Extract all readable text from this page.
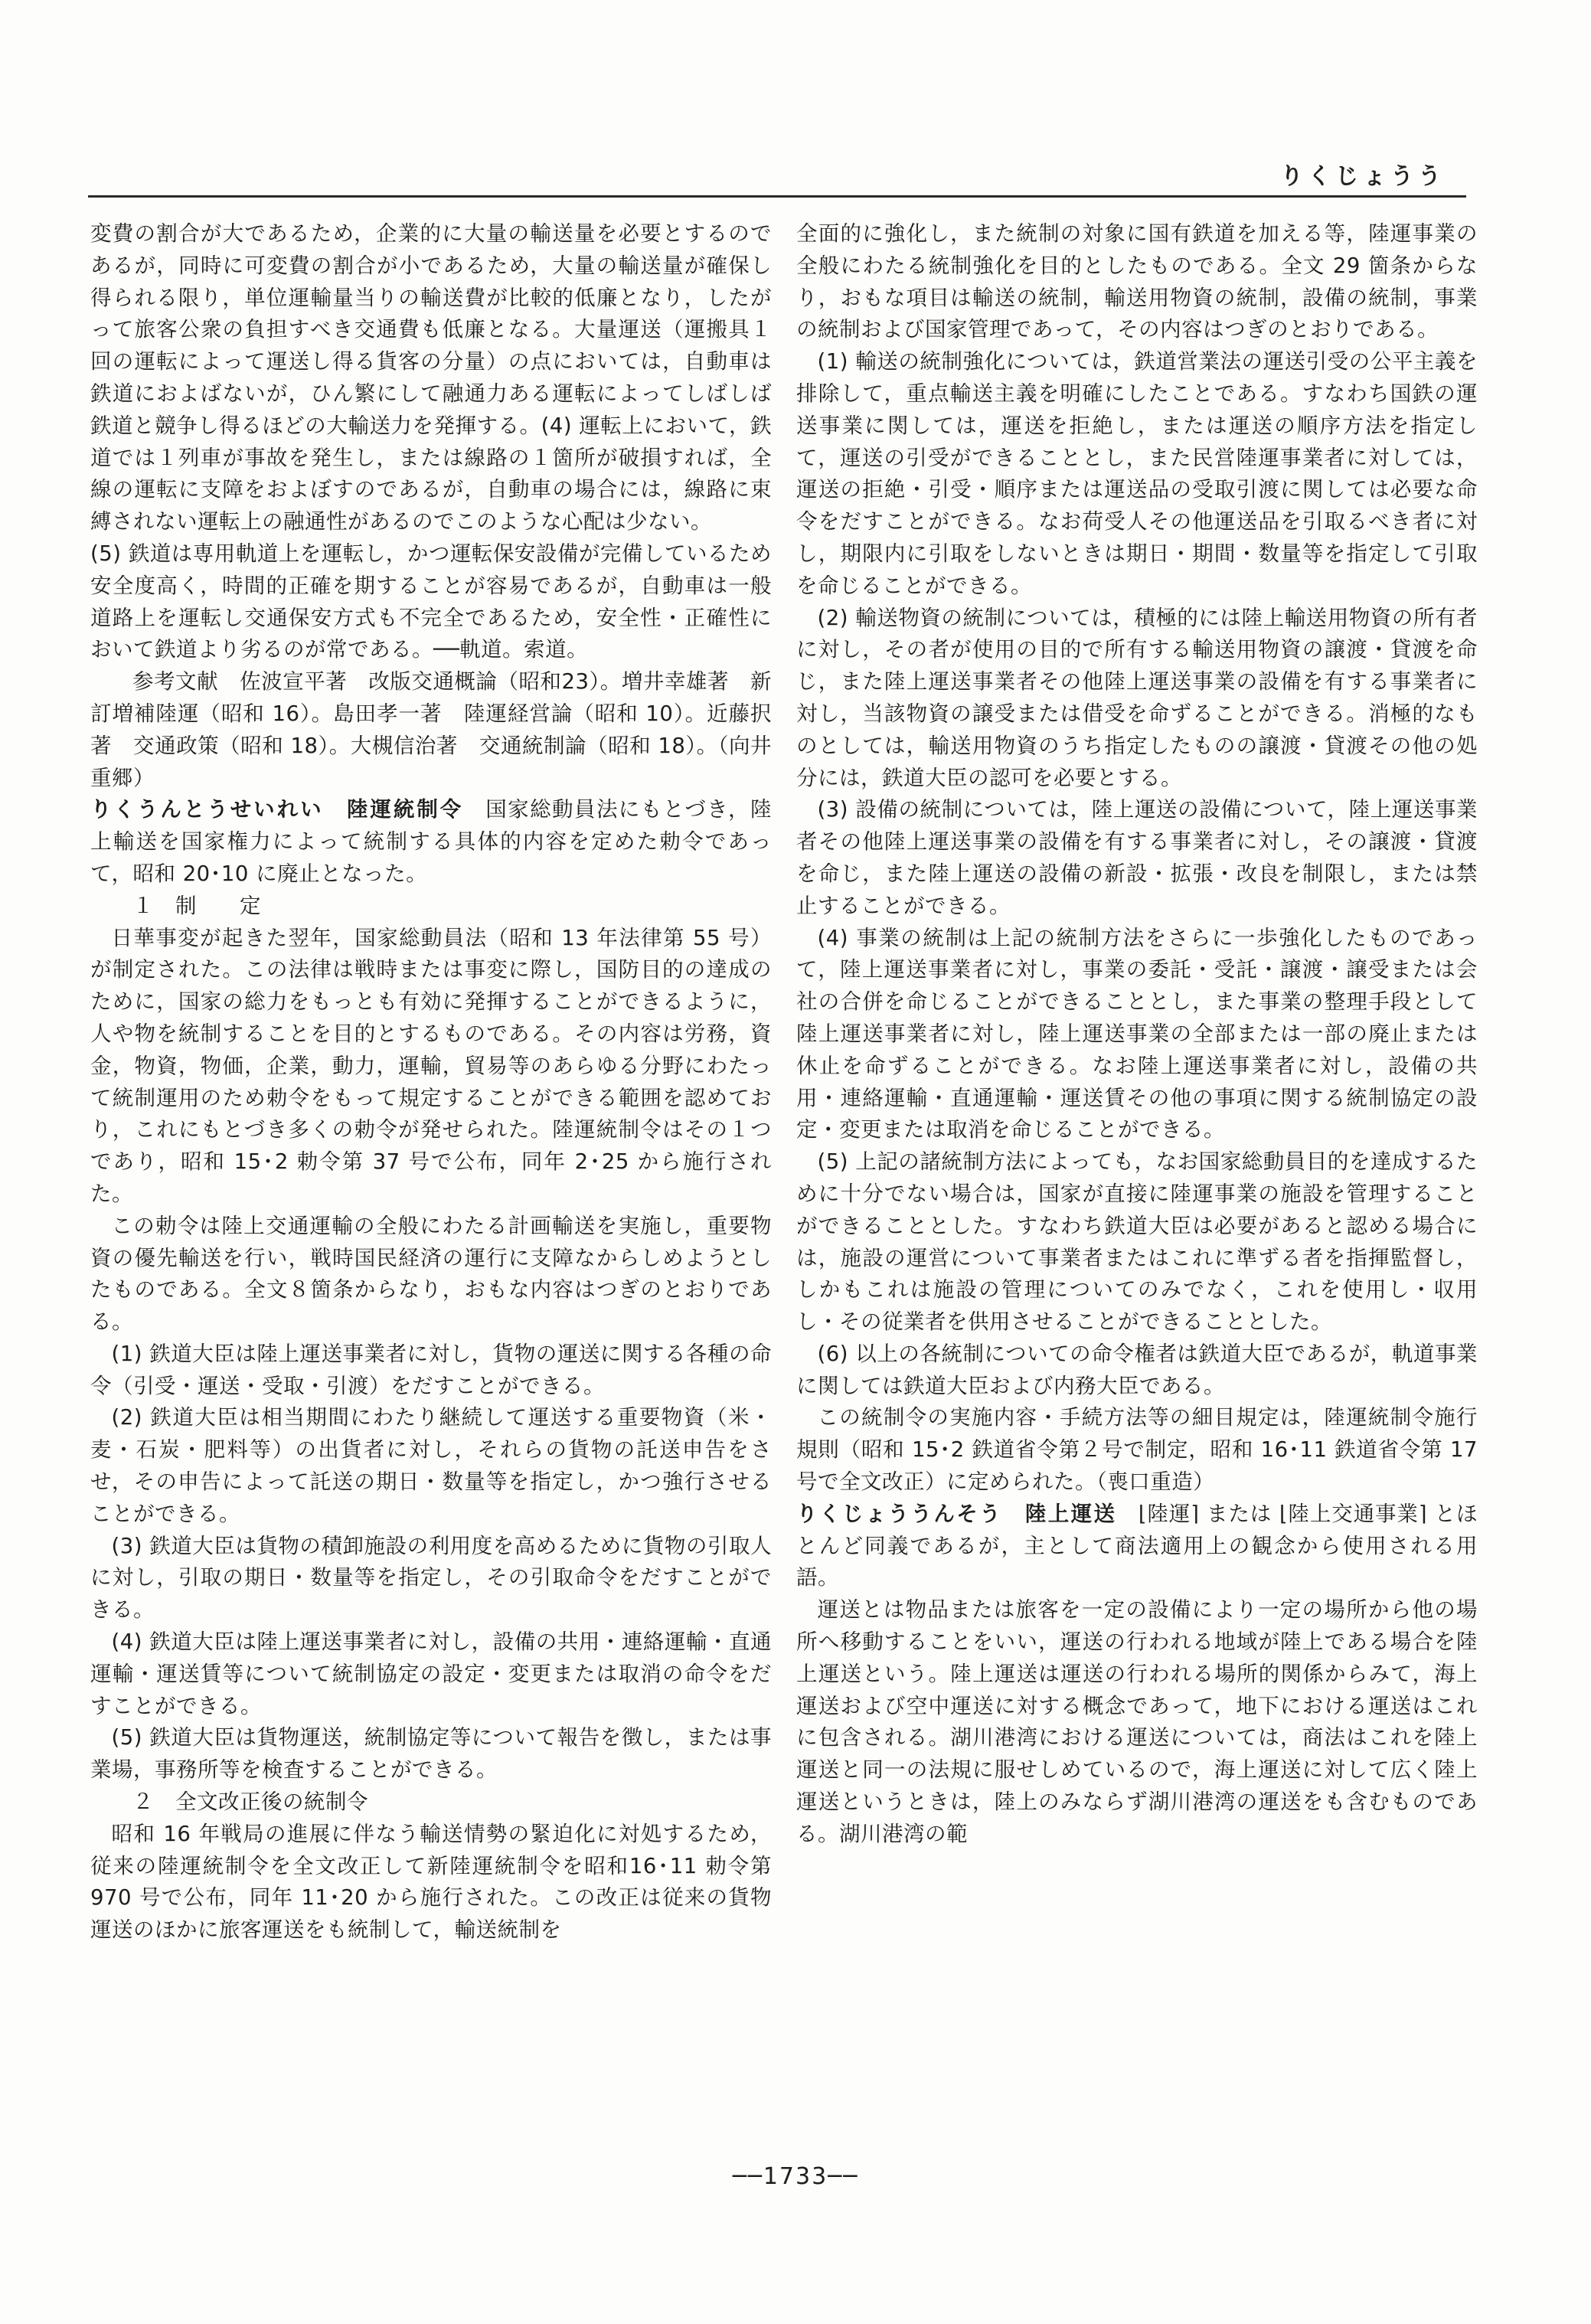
りくじょうう

変費の割合が大であるため，企業的に大量の輸送量を必要とするのであるが，同時に可変費の割合が小であるため，大量の輸送量が確保し得られる限り，単位運輸量当りの輸送費が比較的低廉となり，したがって旅客公衆の負担すべき交通費も低廉となる。大量運送（運搬具１回の運転によって運送し得る貨客の分量）の点においては，自動車は鉄道におよばないが，ひん繁にして融通力ある運転によってしばしば鉄道と競争し得るほどの大輸送力を発揮する。(4) 運転上において，鉄道では１列車が事故を発生し，または線路の１箇所が破損すれば，全線の運転に支障をおよぼすのであるが，自動車の場合には，線路に束縛されない運転上の融通性があるのでこのような心配は少ない。

(5) 鉄道は専用軌道上を運転し，かつ運転保安設備が完備しているため安全度高く，時間的正確を期することが容易であるが，自動車は一般道路上を運転し交通保安方式も不完全であるため，安全性・正確性において鉄道より劣るのが常である。──軌道。索道。

参考文献　佐波宣平著　改版交通概論（昭和23）。増井幸雄著　新訂増補陸運（昭和 16）。島田孝一著　陸運経営論（昭和 10）。近藤択著　交通政策（昭和 18）。大槻信治著　交通統制論（昭和 18）。（向井重郷）

りくうんとうせいれい　陸運統制令　国家総動員法にもとづき，陸上輸送を国家権力によって統制する具体的内容を定めた勅令であって，昭和 20･10 に廃止となった。

１　制　　定

日華事変が起きた翌年，国家総動員法（昭和 13 年法律第 55 号）が制定された。この法律は戦時または事変に際し，国防目的の達成のために，国家の総力をもっとも有効に発揮することができるように，人や物を統制することを目的とするものである。その内容は労務，資金，物資，物価，企業，動力，運輸，貿易等のあらゆる分野にわたって統制運用のため勅令をもって規定することができる範囲を認めており，これにもとづき多くの勅令が発せられた。陸運統制令はその１つであり，昭和 15･2 勅令第 37 号で公布，同年 2･25 から施行された。

この勅令は陸上交通運輸の全般にわたる計画輸送を実施し，重要物資の優先輸送を行い，戦時国民経済の運行に支障なからしめようとしたものである。全文８箇条からなり，おもな内容はつぎのとおりである。

(1) 鉄道大臣は陸上運送事業者に対し，貨物の運送に関する各種の命令（引受・運送・受取・引渡）をだすことができる。

(2) 鉄道大臣は相当期間にわたり継続して運送する重要物資（米・麦・石炭・肥料等）の出貨者に対し，それらの貨物の託送申告をさせ，その申告によって託送の期日・数量等を指定し，かつ強行させることができる。

(3) 鉄道大臣は貨物の積卸施設の利用度を高めるために貨物の引取人に対し，引取の期日・数量等を指定し，その引取命令をだすことができる。

(4) 鉄道大臣は陸上運送事業者に対し，設備の共用・連絡運輸・直通運輸・運送賃等について統制協定の設定・変更または取消の命令をだすことができる。

(5) 鉄道大臣は貨物運送，統制協定等について報告を徴し，または事業場，事務所等を検査することができる。

２　全文改正後の統制令

昭和 16 年戦局の進展に伴なう輸送情勢の緊迫化に対処するため，従来の陸運統制令を全文改正して新陸運統制令を昭和16･11 勅令第 970 号で公布，同年 11･20 から施行された。この改正は従来の貨物運送のほかに旅客運送をも統制して，輸送統制を

全面的に強化し，また統制の対象に国有鉄道を加える等，陸運事業の全般にわたる統制強化を目的としたものである。全文 29 箇条からなり，おもな項目は輸送の統制，輸送用物資の統制，設備の統制，事業の統制および国家管理であって，その内容はつぎのとおりである。

(1) 輸送の統制強化については，鉄道営業法の運送引受の公平主義を排除して，重点輸送主義を明確にしたことである。すなわち国鉄の運送事業に関しては，運送を拒絶し，または運送の順序方法を指定して，運送の引受ができることとし，また民営陸運事業者に対しては，運送の拒絶・引受・順序または運送品の受取引渡に関しては必要な命令をだすことができる。なお荷受人その他運送品を引取るべき者に対し，期限内に引取をしないときは期日・期間・数量等を指定して引取を命じることができる。

(2) 輸送物資の統制については，積極的には陸上輸送用物資の所有者に対し，その者が使用の目的で所有する輸送用物資の譲渡・貸渡を命じ，また陸上運送事業者その他陸上運送事業の設備を有する事業者に対し，当該物資の譲受または借受を命ずることができる。消極的なものとしては，輸送用物資のうち指定したものの譲渡・貸渡その他の処分には，鉄道大臣の認可を必要とする。

(3) 設備の統制については，陸上運送の設備について，陸上運送事業者その他陸上運送事業の設備を有する事業者に対し，その譲渡・貸渡を命じ，また陸上運送の設備の新設・拡張・改良を制限し，または禁止することができる。

(4) 事業の統制は上記の統制方法をさらに一歩強化したものであって，陸上運送事業者に対し，事業の委託・受託・譲渡・譲受または会社の合併を命じることができることとし，また事業の整理手段として陸上運送事業者に対し，陸上運送事業の全部または一部の廃止または休止を命ずることができる。なお陸上運送事業者に対し，設備の共用・連絡運輸・直通運輸・運送賃その他の事項に関する統制協定の設定・変更または取消を命じることができる。

(5) 上記の諸統制方法によっても，なお国家総動員目的を達成するために十分でない場合は，国家が直接に陸運事業の施設を管理することができることとした。すなわち鉄道大臣は必要があると認める場合には，施設の運営について事業者またはこれに準ずる者を指揮監督し，しかもこれは施設の管理についてのみでなく，これを使用し・収用し・その従業者を供用させることができることとした。

(6) 以上の各統制についての命令権者は鉄道大臣であるが，軌道事業に関しては鉄道大臣および内務大臣である。

この統制令の実施内容・手続方法等の細目規定は，陸運統制令施行規則（昭和 15･2 鉄道省令第２号で制定，昭和 16･11 鉄道省令第 17 号で全文改正）に定められた。（喪口重造）

りくじょううんそう　陸上運送　⌊陸運⌉ または ⌊陸上交通事業⌉ とほとんど同義であるが，主として商法適用上の観念から使用される用語。

運送とは物品または旅客を一定の設備により一定の場所から他の場所へ移動することをいい，運送の行われる地域が陸上である場合を陸上運送という。陸上運送は運送の行われる場所的関係からみて，海上運送および空中運送に対する概念であって，地下における運送はこれに包含される。湖川港湾における運送については，商法はこれを陸上運送と同一の法規に服せしめているので，海上運送に対して広く陸上運送というときは，陸上のみならず湖川港湾の運送をも含むものである。湖川港湾の範

──1733──
